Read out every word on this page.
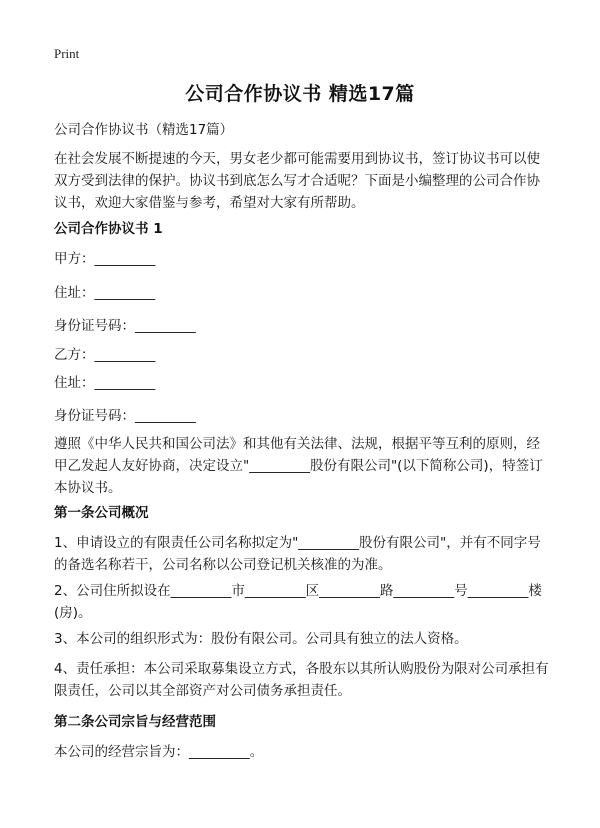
Print
公司合作协议书 精选17篇
公司合作协议书（精选17篇）
在社会发展不断提速的今天，男女老少都可能需要用到协议书，签订协议书可以使双方受到法律的保护。协议书到底怎么写才合适呢？下面是小编整理的公司合作协议书，欢迎大家借鉴与参考，希望对大家有所帮助。
公司合作协议书 1
甲方：_________
住址：_________
身份证号码：_________
乙方：_________
住址：_________
身份证号码：_________
遵照《中华人民共和国公司法》和其他有关法律、法规，根据平等互利的原则，经甲乙发起人友好协商，决定设立"_________股份有限公司"(以下简称公司)，特签订本协议书。
第一条公司概况
1、申请设立的有限责任公司名称拟定为"_________股份有限公司"，并有不同字号的备选名称若干，公司名称以公司登记机关核准的为准。
2、公司住所拟设在_________市_________区_________路_________号_________楼(房)。
3、本公司的组织形式为：股份有限公司。公司具有独立的法人资格。
4、责任承担：本公司采取募集设立方式，各股东以其所认购股份为限对公司承担有限责任，公司以其全部资产对公司债务承担责任。
第二条公司宗旨与经营范围
本公司的经营宗旨为：_________。
